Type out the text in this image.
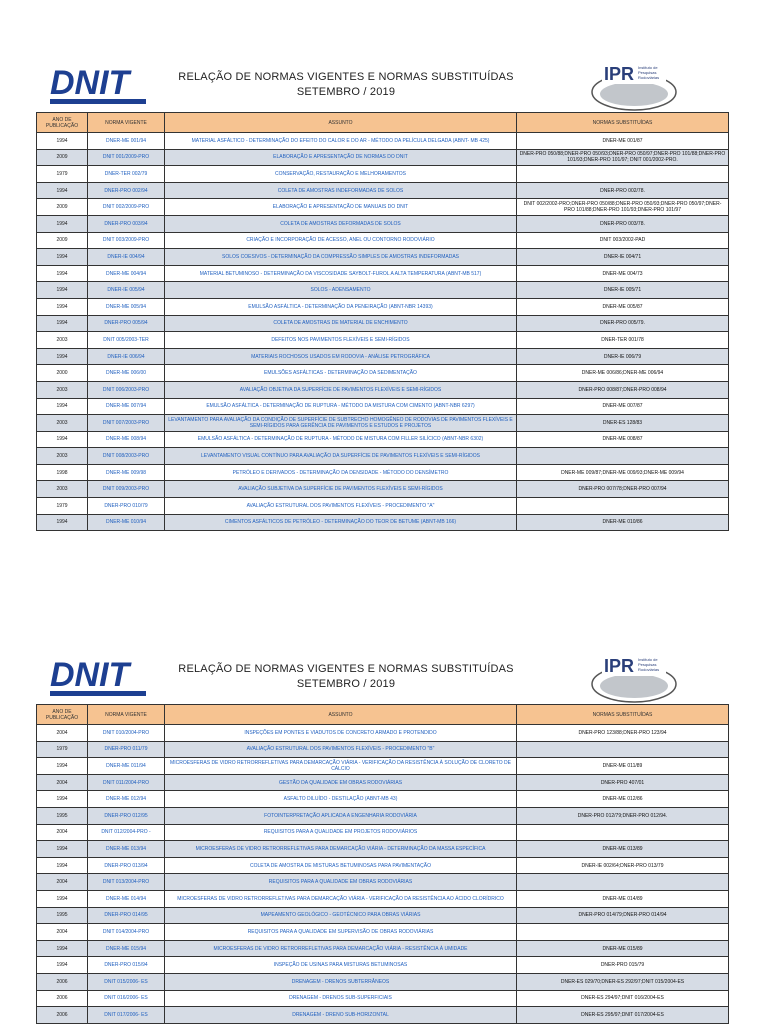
DNIT	RELAÇÃO DE NORMAS VIGENTES E NORMAS SUBSTITUÍDAS
SETEMBRO / 2019
IPR Instituto de
Pesquisas
Rodoviárias
ANO DE PUBLICAÇÃO	NORMA VIGENTE	ASSUNTO	NORMAS SUBSTITUÍDAS
1994	DNER-ME 001/94	MATERIAL ASFÁLTICO - DETERMINAÇÃO DO EFEITO DO CALOR E DO AR - MÉTODO DA PELÍCULA DELGADA (ABNT- MB 425)	DNER-ME 001/87
2009	DNIT 001/2009-PRO	ELABORAÇÃO E APRESENTAÇÃO DE NORMAS DO DNIT	DNER-PRO 050/88;DNER-PRO 050/93;DNER-PRO 050/97;DNER-PRO 101/88;DNER-PRO 101/93;DNER-PRO 101/97; DNIT 001/2002-PRO.
1979	DNER-TER 002/79	CONSERVAÇÃO, RESTAURAÇÃO E MELHORAMENTOS	
1994	DNER-PRO 002/94	COLETA DE AMOSTRAS INDEFORMADAS DE SOLOS	DNER-PRO 002/78.
2009	DNIT 002/2009-PRO	ELABORAÇÃO E APRESENTAÇÃO DE MANUAIS DO DNIT	DNIT 002/2002-PRO;DNER-PRO 050/88;DNER-PRO 050/93;DNER-PRO 050/97;DNER-PRO 101/88;DNER-PRO 101/93;DNER-PRO 101/97
1994	DNER-PRO 003/94	COLETA DE AMOSTRAS DEFORMADAS DE SOLOS	DNER-PRO 003/78.
2009	DNIT 003/2009-PRO	CRIAÇÃO E INCORPORAÇÃO DE ACESSO, ANEL OU CONTORNO RODOVIÁRIO	DNIT 003/2002-PAD
1994	DNER-IE 004/94	SOLOS COESIVOS - DETERMINAÇÃO DA COMPRESSÃO SIMPLES DE AMOSTRAS INDEFORMADAS	DNER-IE 004/71
1994	DNER-ME 004/94	MATERIAL BETUMINOSO - DETERMINAÇÃO DA VISCOSIDADE SAYBOLT-FUROL A ALTA TEMPERATURA (ABNT-MB 517)	DNER-ME 004/73
1994	DNER-IE 005/94	SOLOS - ADENSAMENTO	DNER-IE 005/71
1994	DNER-ME 005/94	EMULSÃO ASFÁLTICA - DETERMINAÇÃO DA PENEIRAÇÃO (ABNT-NBR 14393)	DNER-ME 005/87
1994	DNER-PRO 005/94	COLETA DE AMOSTRAS DE MATERIAL DE ENCHIMENTO	DNER-PRO 005/79.
2003	DNIT 005/2003-TER	DEFEITOS NOS PAVIMENTOS FLEXÍVEIS E SEMI-RÍGIDOS	DNER-TER 001/78
1994	DNER-IE 006/94	MATERIAIS ROCHOSOS USADOS EM RODOVIA - ANÁLISE PETROGRÁFICA	DNER-IE 006/79
2000	DNER-ME 006/00	EMULSÕES ASFÁLTICAS - DETERMINAÇÃO DA SEDIMENTAÇÃO	DNER-ME 006/86;DNER-ME 006/94
2003	DNIT 006/2003-PRO	AVALIAÇÃO OBJETIVA DA SUPERFÍCIE DE PAVIMENTOS FLEXÍVEIS E SEMI-RÍGIDOS	DNER-PRO 008/87;DNER-PRO 008/94
1994	DNER-ME 007/94	EMULSÃO ASFÁLTICA - DETERMINAÇÃO DE RUPTURA - MÉTODO DA MISTURA COM CIMENTO (ABNT-NBR 6297)	DNER-ME 007/87
2003	DNIT 007/2003-PRO	LEVANTAMENTO PARA AVALIAÇÃO DA CONDIÇÃO DE SUPERFÍCIE DE SUBTRECHO HOMOGÊNEO DE RODOVIAS DE PAVIMENTOS FLEXÍVEIS E SEMI-RÍGIDOS PARA GERÊNCIA DE PAVIMENTOS E ESTUDOS E PROJETOS	DNER-ES 128/83
1994	DNER-ME 008/94	EMULSÃO ASFÁLTICA - DETERMINAÇÃO DE RUPTURA - MÉTODO DE MISTURA COM FILLER SILÍCICO (ABNT-NBR 6302)	DNER-ME 008/87
2003	DNIT 008/2003-PRO	LEVANTAMENTO VISUAL CONTÍNUO PARA AVALIAÇÃO DA SUPERFÍCIE DE PAVIMENTOS FLEXÍVEIS E SEMI-RÍGIDOS	
1998	DNER-ME 009/98	PETRÓLEO E DERIVADOS - DETERMINAÇÃO DA DENSIDADE - MÉTODO DO DENSÍMETRO	DNER-ME 009/87;DNER-ME 009/93;DNER-ME 009/94
2003	DNIT 009/2003-PRO	AVALIAÇÃO SUBJETIVA DA SUPERFÍCIE DE PAVIMENTOS FLEXÍVEIS E SEMI-RÍGIDOS	DNER-PRO 007/78;DNER-PRO 007/94
1979	DNER-PRO 010/79	AVALIAÇÃO ESTRUTURAL DOS PAVIMENTOS FLEXÍVEIS - PROCEDIMENTO "A"	
1994	DNER-ME 010/94	CIMENTOS ASFÁLTICOS DE PETRÓLEO - DETERMINAÇÃO DO TEOR DE BETUME (ABNT-MB 166)	DNER-ME 010/86
DNIT	RELAÇÃO DE NORMAS VIGENTES E NORMAS SUBSTITUÍDAS
SETEMBRO / 2019
IPR Instituto de
Pesquisas
Rodoviárias
ANO DE PUBLICAÇÃO	NORMA VIGENTE	ASSUNTO	NORMAS SUBSTITUÍDAS
2004	DNIT 010/2004-PRO	INSPEÇÕES EM PONTES E VIADUTOS DE CONCRETO ARMADO E PROTENDIDO	DNER-PRO 123/88;DNER-PRO 123/94
1979	DNER-PRO 011/79	AVALIAÇÃO ESTRUTURAL DOS PAVIMENTOS FLEXÍVEIS - PROCEDIMENTO "B"	
1994	DNER-ME 011/94	MICROESFERAS DE VIDRO RETRORREFLETIVAS PARA DEMARCAÇÃO VIÁRIA - VERIFICAÇÃO DA RESISTÊNCIA À SOLUÇÃO DE CLORETO DE CÁLCIO	DNER-ME 011/89
2004	DNIT 011/2004-PRO	GESTÃO DA QUALIDADE EM OBRAS RODOVIÁRIAS	DNER-PRO 407/01
1994	DNER-ME 012/94	ASFALTO DILUÍDO - DESTILAÇÃO (ABNT-MB 43)	DNER-ME 012/86
1995	DNER-PRO 012/95	FOTOINTERPRETAÇÃO APLICADA A ENGENHARIA RODOVIÁRIA	DNER-PRO 012/79;DNER-PRO 012/94.
2004	DNIT 012/2004-PRO -	REQUISITOS PARA A QUALIDADE EM PROJETOS RODOVIÁRIOS	
1994	DNER-ME 013/94	MICROESFERAS DE VIDRO RETRORREFLETIVAS PARA DEMARCAÇÃO VIÁRIA - DETERMINAÇÃO DA MASSA ESPECÍFICA	DNER-ME 013/89
1994	DNER-PRO 013/94	COLETA DE AMOSTRA DE MISTURAS BETUMINOSAS PARA PAVIMENTAÇÃO	DNER-IE 002/64;DNER-PRO 013/79
2004	DNIT 013/2004-PRO	REQUISITOS PARA A QUALIDADE EM OBRAS RODOVIÁRIAS	
1994	DNER-ME 014/94	MICROESFERAS DE VIDRO RETRORREFLETIVAS PARA DEMARCAÇÃO VIÁRIA - VERIFICAÇÃO DA RESISTÊNCIA AO ÁCIDO CLORÍDRICO	DNER-ME 014/89
1995	DNER-PRO 014/95	MAPEAMENTO GEOLÓGICO - GEOTÉCNICO PARA OBRAS VIÁRIAS	DNER-PRO 014/79;DNER-PRO 014/94
2004	DNIT 014/2004-PRO	REQUISITOS PARA A QUALIDADE EM SUPERVISÃO DE OBRAS RODOVIÁRIAS	
1994	DNER-ME 015/94	MICROESFERAS DE VIDRO RETRORREFLETIVAS PARA DEMARCAÇÃO VIÁRIA - RESISTÊNCIA À UMIDADE	DNER-ME 015/89
1994	DNER-PRO 015/94	INSPEÇÃO DE USINAS PARA MISTURAS BETUMINOSAS	DNER-PRO 015/79
2006	DNIT 015/2006- ES	DRENAGEM - DRENOS SUBTERRÂNEOS	DNER-ES 029/70;DNER-ES 292/97;DNIT 015/2004-ES
2006	DNIT 016/2006- ES	DRENAGEM - DRENOS SUB-SUPERFICIAIS	DNER-ES 294/97;DNIT 016/2004-ES
2006	DNIT 017/2006- ES	DRENAGEM - DRENO SUB-HORIZONTAL	DNER-ES 295/97;DNIT 017/2004-ES
